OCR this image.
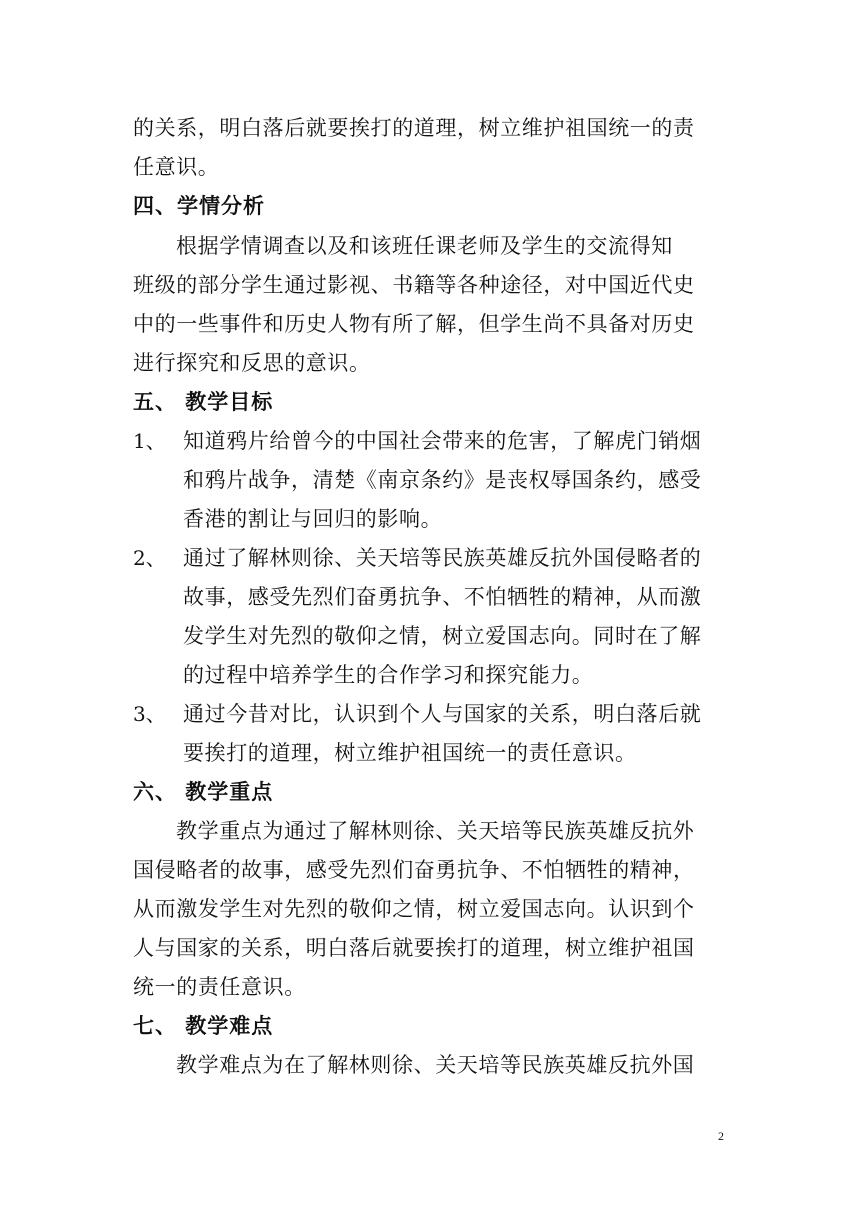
的关系，明白落后就要挨打的道理，树立维护祖国统一的责
任意识。
四、学情分析
根据学情调查以及和该班任课老师及学生的交流得知
班级的部分学生通过影视、书籍等各种途径，对中国近代史
中的一些事件和历史人物有所了解，但学生尚不具备对历史
进行探究和反思的意识。
五、 教学目标
1、 知道鸦片给曾今的中国社会带来的危害，了解虎门销烟
和鸦片战争，清楚《南京条约》是丧权辱国条约，感受
香港的割让与回归的影响。
2、 通过了解林则徐、关天培等民族英雄反抗外国侵略者的
故事，感受先烈们奋勇抗争、不怕牺牲的精神，从而激
发学生对先烈的敬仰之情，树立爱国志向。同时在了解
的过程中培养学生的合作学习和探究能力。
3、 通过今昔对比，认识到个人与国家的关系，明白落后就
要挨打的道理，树立维护祖国统一的责任意识。
六、 教学重点
教学重点为通过了解林则徐、关天培等民族英雄反抗外
国侵略者的故事，感受先烈们奋勇抗争、不怕牺牲的精神，
从而激发学生对先烈的敬仰之情，树立爱国志向。认识到个
人与国家的关系，明白落后就要挨打的道理，树立维护祖国
统一的责任意识。
七、 教学难点
教学难点为在了解林则徐、关天培等民族英雄反抗外国
2
